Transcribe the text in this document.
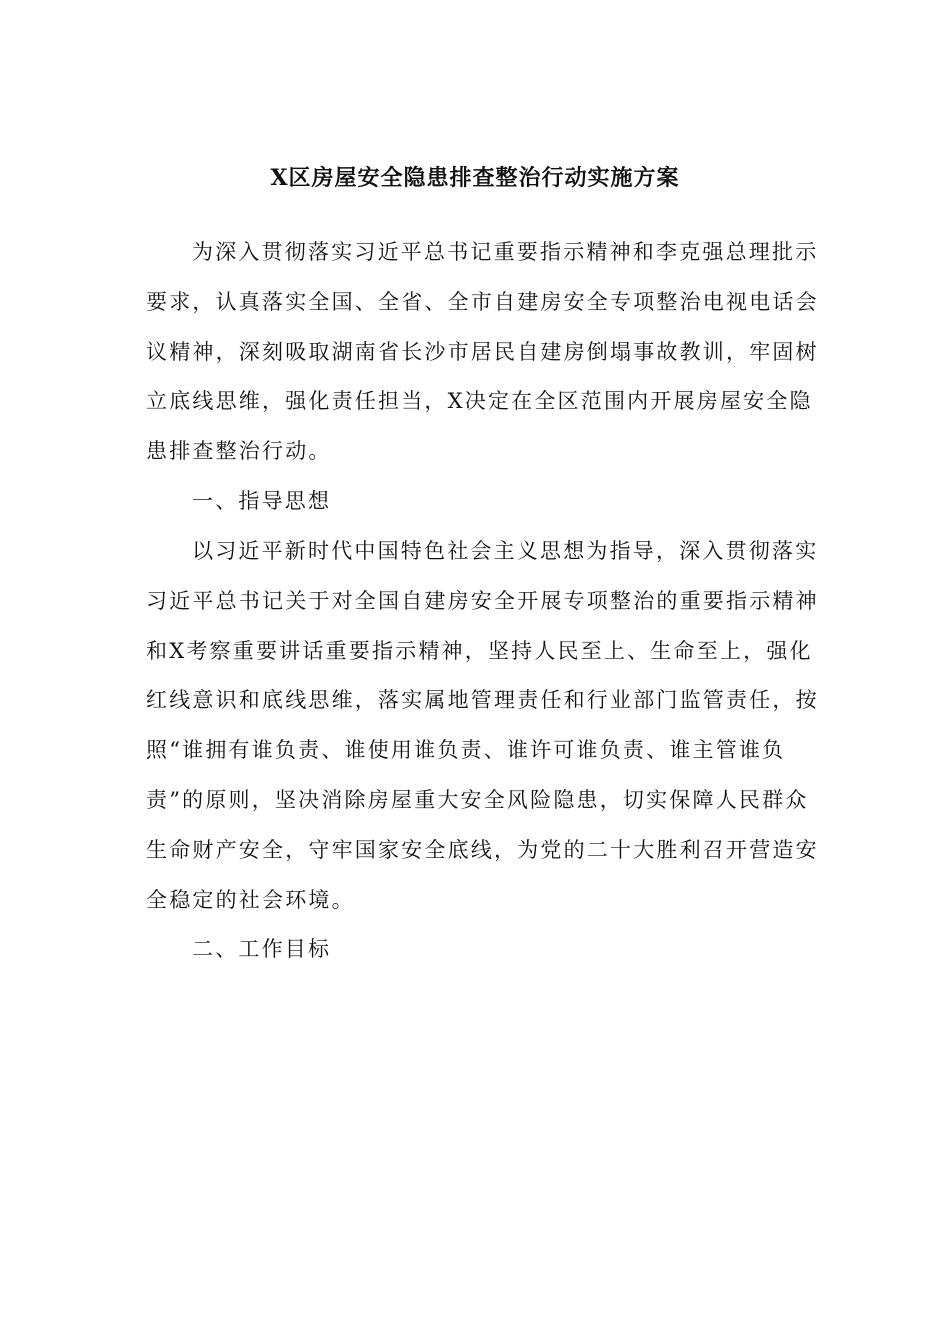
X区房屋安全隐患排查整治行动实施方案
为深入贯彻落实习近平总书记重要指示精神和李克强总理批示
要求，认真落实全国、全省、全市自建房安全专项整治电视电话会
议精神，深刻吸取湖南省长沙市居民自建房倒塌事故教训，牢固树
立底线思维，强化责任担当，X决定在全区范围内开展房屋安全隐
患排查整治行动。
一、指导思想
以习近平新时代中国特色社会主义思想为指导，深入贯彻落实
习近平总书记关于对全国自建房安全开展专项整治的重要指示精神
和X考察重要讲话重要指示精神，坚持人民至上、生命至上，强化
红线意识和底线思维，落实属地管理责任和行业部门监管责任，按
照“谁拥有谁负责、谁使用谁负责、谁许可谁负责、谁主管谁负
责”的原则，坚决消除房屋重大安全风险隐患，切实保障人民群众
生命财产安全，守牢国家安全底线，为党的二十大胜利召开营造安
全稳定的社会环境。
二、工作目标
